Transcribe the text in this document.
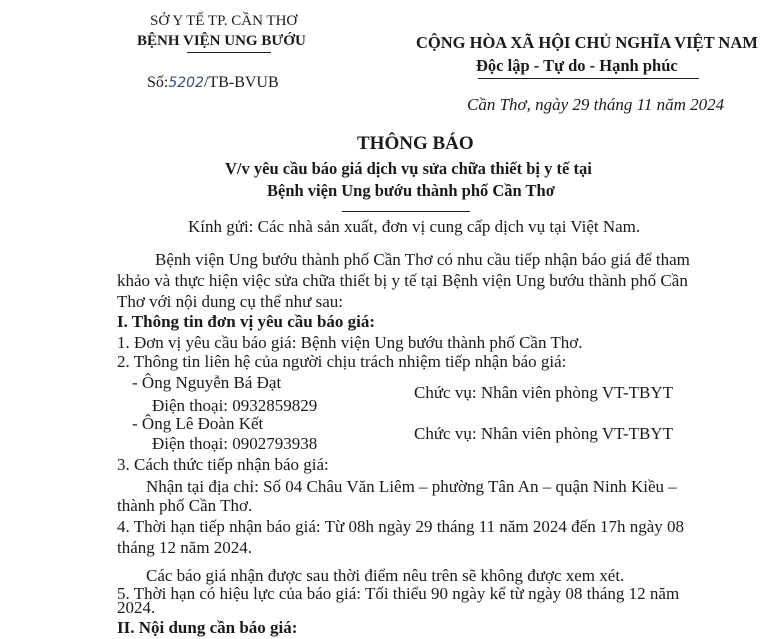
SỞ Y TẾ TP. CẦN THƠ
BỆNH VIỆN UNG BƯỚU
Số:5202/TB-BVUB
CỘNG HÒA XÃ HỘI CHỦ NGHĨA VIỆT NAM
Độc lập - Tự do - Hạnh phúc
Cần Thơ, ngày 29 tháng 11 năm 2024
THÔNG BÁO
V/v yêu cầu báo giá dịch vụ sửa chữa thiết bị y tế tại
Bệnh viện Ung bướu thành phố Cần Thơ
Kính gửi: Các nhà sản xuất, đơn vị cung cấp dịch vụ tại Việt Nam.
Bệnh viện Ung bướu thành phố Cần Thơ có nhu cầu tiếp nhận báo giá để tham
khảo và thực hiện việc sửa chữa thiết bị y tế tại Bệnh viện Ung bướu thành phố Cần
Thơ với nội dung cụ thể như sau:
I. Thông tin đơn vị yêu cầu báo giá:
1. Đơn vị yêu cầu báo giá: Bệnh viện Ung bướu thành phố Cần Thơ.
2. Thông tin liên hệ của người chịu trách nhiệm tiếp nhận báo giá:
- Ông Nguyễn Bá Đạt
Chức vụ: Nhân viên phòng VT-TBYT
Điện thoại: 0932859829
- Ông Lê Đoàn Kết
Chức vụ: Nhân viên phòng VT-TBYT
Điện thoại: 0902793938
3. Cách thức tiếp nhận báo giá:
Nhận tại địa chỉ: Số 04 Châu Văn Liêm – phường Tân An – quận Ninh Kiều –
thành phố Cần Thơ.
4. Thời hạn tiếp nhận báo giá: Từ 08h ngày 29 tháng 11 năm 2024 đến 17h ngày 08
tháng 12 năm 2024.
Các báo giá nhận được sau thời điểm nêu trên sẽ không được xem xét.
5. Thời hạn có hiệu lực của báo giá: Tối thiểu 90 ngày kể từ ngày 08 tháng 12 năm
2024.
II. Nội dung cần báo giá:
